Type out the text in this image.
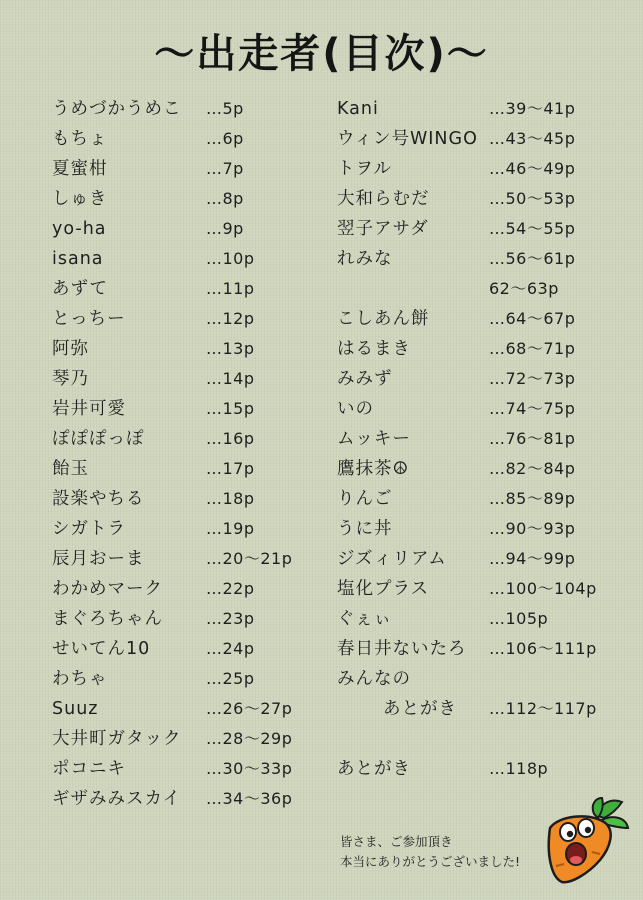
〜出走者(目次)〜
うめづかうめこ …5p
もちょ	…6p
夏蜜柑	…7p
しゅき	…8p
yo-ha	…9p
isana	…10p
あずて	…11p
とっちー	…12p
阿弥	…13p
琴乃	…14p
岩井可愛	…15p
ぽぽぽっぽ	…16p
飴玉	…17p
設楽やちる	…18p
シガトラ	…19p
辰月おーま	…20〜21p
わかめマーク	…22p
まぐろちゃん	…23p
せいてん10	…24p
わちゃ	…25p
Suuz	…26〜27p
大井町ガタック …28〜29p
ポコニキ	…30〜33p
ギザみみスカイ …34〜36p
Kani	…39〜41p
ウィン号WINGO …43〜45p
トヲル	…46〜49p
大和らむだ	…50〜53p
翌子アサダ	…54〜55p
れみな	…56〜61p
62〜63p
こしあん餅	…64〜67p
はるまき	…68〜71p
みみず	…72〜73p
いの	…74〜75p
ムッキー	…76〜81p
鷹抹茶☮	…82〜84p
りんご	…85〜89p
うに丼	…90〜93p
ジズィリアム	…94〜99p
塩化プラス	…100〜104p
ぐぇぃ	…105p
春日井ないたろ …106〜111p
みんなの
あとがき …112〜117p
あとがき	…118p
皆さま、ご参加頂き
本当にありがとうございました!
